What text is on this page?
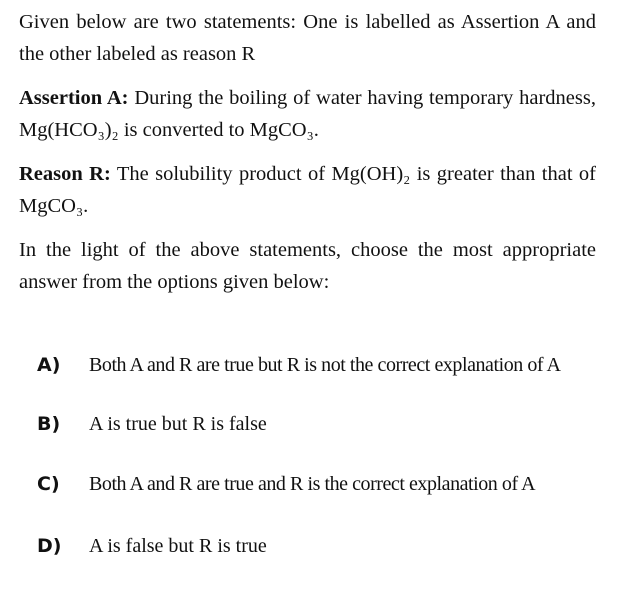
Given below are two statements: One is labelled as Assertion A and the other labeled as reason R

Assertion A: During the boiling of water having temporary hardness, Mg(HCO₃)₂ is converted to MgCO₃.

Reason R: The solubility product of Mg(OH)₂ is greater than that of MgCO₃.

In the light of the above statements, choose the most appropriate answer from the options given below:

A)	Both A and R are true but R is not the correct explanation of A
B)	A is true but R is false
C)	Both A and R are true and R is the correct explanation of A
D)	A is false but R is true
